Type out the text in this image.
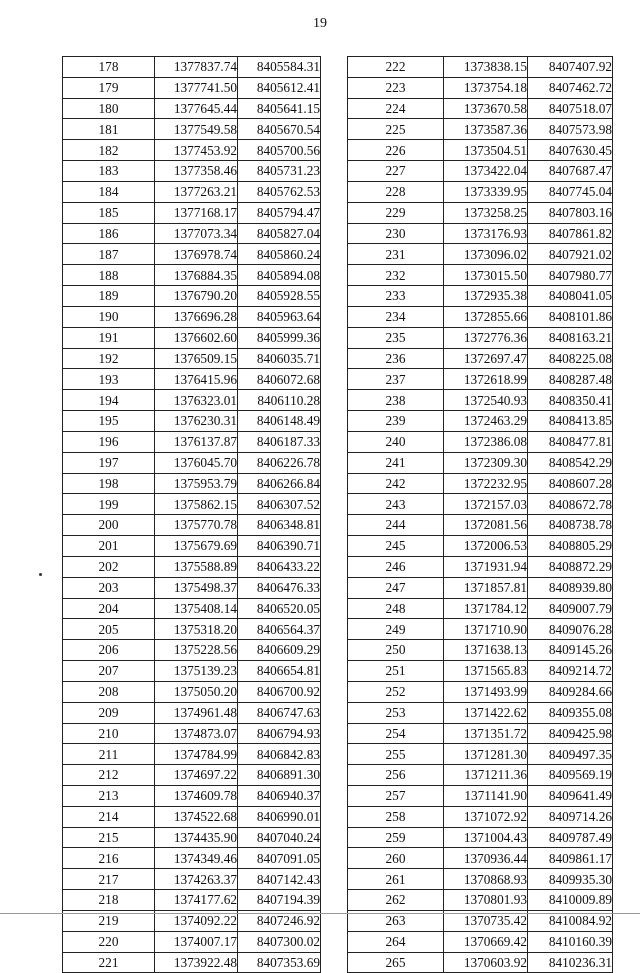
19
178	1377837.74	8405584.31
179	1377741.50	8405612.41
180	1377645.44	8405641.15
181	1377549.58	8405670.54
182	1377453.92	8405700.56
183	1377358.46	8405731.23
184	1377263.21	8405762.53
185	1377168.17	8405794.47
186	1377073.34	8405827.04
187	1376978.74	8405860.24
188	1376884.35	8405894.08
189	1376790.20	8405928.55
190	1376696.28	8405963.64
191	1376602.60	8405999.36
192	1376509.15	8406035.71
193	1376415.96	8406072.68
194	1376323.01	8406110.28
195	1376230.31	8406148.49
196	1376137.87	8406187.33
197	1376045.70	8406226.78
198	1375953.79	8406266.84
199	1375862.15	8406307.52
200	1375770.78	8406348.81
201	1375679.69	8406390.71
202	1375588.89	8406433.22
203	1375498.37	8406476.33
204	1375408.14	8406520.05
205	1375318.20	8406564.37
206	1375228.56	8406609.29
207	1375139.23	8406654.81
208	1375050.20	8406700.92
209	1374961.48	8406747.63
210	1374873.07	8406794.93
211	1374784.99	8406842.83
212	1374697.22	8406891.30
213	1374609.78	8406940.37
214	1374522.68	8406990.01
215	1374435.90	8407040.24
216	1374349.46	8407091.05
217	1374263.37	8407142.43
218	1374177.62	8407194.39
219	1374092.22	8407246.92
220	1374007.17	8407300.02
221	1373922.48	8407353.69
222	1373838.15	8407407.92
223	1373754.18	8407462.72
224	1373670.58	8407518.07
225	1373587.36	8407573.98
226	1373504.51	8407630.45
227	1373422.04	8407687.47
228	1373339.95	8407745.04
229	1373258.25	8407803.16
230	1373176.93	8407861.82
231	1373096.02	8407921.02
232	1373015.50	8407980.77
233	1372935.38	8408041.05
234	1372855.66	8408101.86
235	1372776.36	8408163.21
236	1372697.47	8408225.08
237	1372618.99	8408287.48
238	1372540.93	8408350.41
239	1372463.29	8408413.85
240	1372386.08	8408477.81
241	1372309.30	8408542.29
242	1372232.95	8408607.28
243	1372157.03	8408672.78
244	1372081.56	8408738.78
245	1372006.53	8408805.29
246	1371931.94	8408872.29
247	1371857.81	8408939.80
248	1371784.12	8409007.79
249	1371710.90	8409076.28
250	1371638.13	8409145.26
251	1371565.83	8409214.72
252	1371493.99	8409284.66
253	1371422.62	8409355.08
254	1371351.72	8409425.98
255	1371281.30	8409497.35
256	1371211.36	8409569.19
257	1371141.90	8409641.49
258	1371072.92	8409714.26
259	1371004.43	8409787.49
260	1370936.44	8409861.17
261	1370868.93	8409935.30
262	1370801.93	8410009.89
263	1370735.42	8410084.92
264	1370669.42	8410160.39
265	1370603.92	8410236.31
